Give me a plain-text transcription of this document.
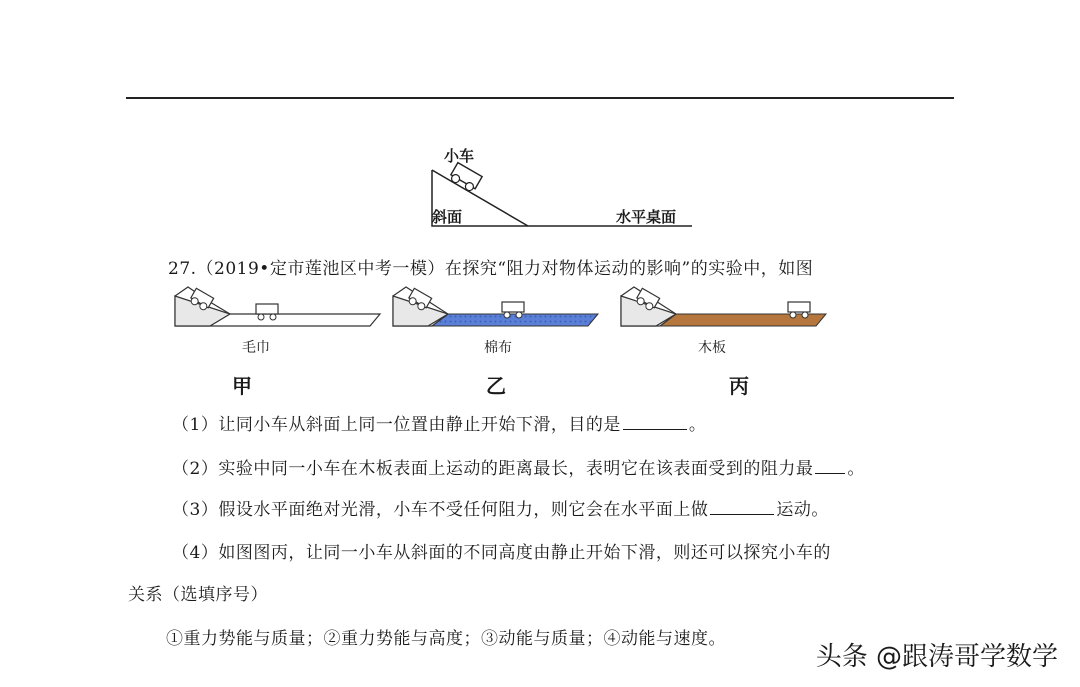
小车
斜面	水平桌面
27.（2019•定市莲池区中考一模）在探究“阻力对物体运动的影响”的实验中，如图
毛巾
甲
棉布
乙
木板
丙
（1）让同小车从斜面上同一位置由静止开始下滑，目的是	。
（2）实验中同一小车在木板表面上运动的距离最长，表明它在该表面受到的阻力最 。
（3）假设水平面绝对光滑，小车不受任何阻力，则它会在水平面上做	运动。
（4）如图图丙，让同一小车从斜面的不同高度由静止开始下滑，则还可以探究小车的
关系（选填序号）
①重力势能与质量；②重力势能与高度；③动能与质量；④动能与速度。
头条 @跟涛哥学数学
